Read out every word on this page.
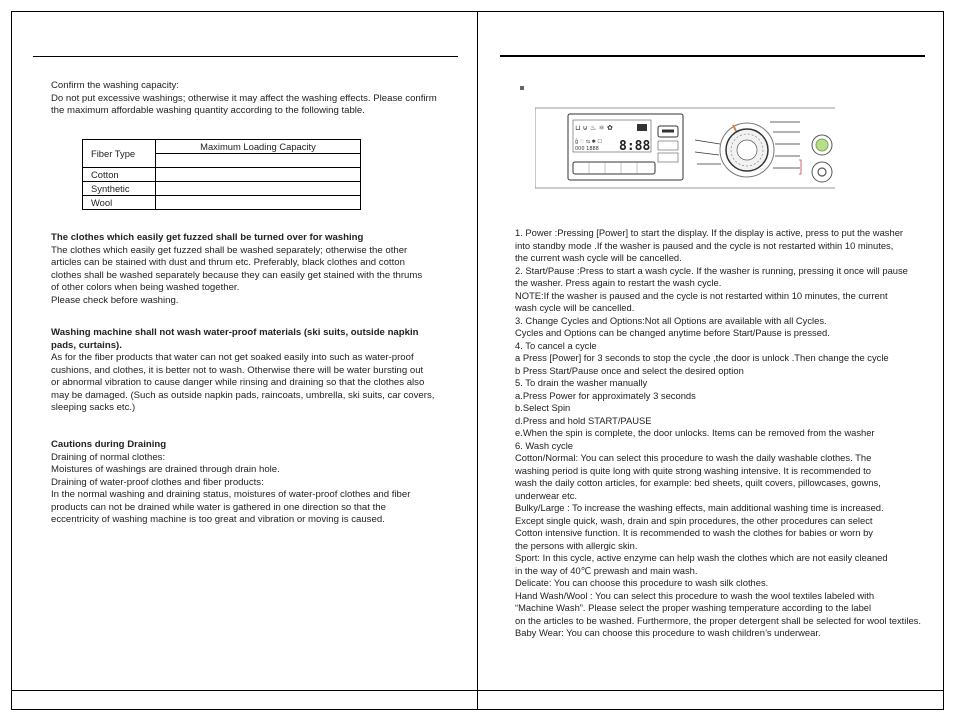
Confirm the washing capacity:

Do not put excessive washings; otherwise it may affect the washing effects. Please confirm

the maximum affordable washing quantity according to the following table.

Fiber Type	Maximum Loading Capacity

Cotton	
Synthetic	
Wool	

The clothes which easily get fuzzed shall be turned over for washing

The clothes which easily get fuzzed shall be washed separately; otherwise the other

articles can be stained with dust and thrum etc. Preferably, black clothes and cotton

clothes shall be washed separately because they can easily get stained with the thrums

of other colors when being washed together.

Please check before washing.

Washing machine shall not wash water-proof materials (ski suits, outside napkin

pads, curtains).

As for the fiber products that water can not get soaked easily into such as water-proof

cushions, and clothes, it is better not to wash. Otherwise there will be water bursting out

or abnormal vibration to cause danger while rinsing and draining so that the clothes also

may be damaged. (Such as outside napkin pads, raincoats, umbrella, ski suits, car covers,

sleeping sacks etc.)

Cautions during Draining

Draining of normal clothes:

Moistures of washings are drained through drain hole.

Draining of water-proof clothes and fiber products:

In the normal washing and draining status, moistures of water-proof clothes and fiber

products can not be drained while water is gathered in one direction so that the

eccentricity of washing machine is too great and vibration or moving is caused.

⊔ ⊍ ♨ ⚛ ✿
ĝ ♡ ⇆ ✱ ☐
000 1888 8:88

1. Power :Pressing [Power] to start the display. If the display is active, press to put the washer

into standby mode .If the washer is paused and the cycle is not restarted within 10 minutes,

the current wash cycle will be cancelled.

2. Start/Pause :Press to start a wash cycle. If the washer is running, pressing it once will pause

the washer. Press again to restart the wash cycle.

NOTE:If the washer is paused and the cycle is not restarted within 10 minutes, the current

wash cycle will be cancelled.

3. Change Cycles and Options:Not all Options are available with all Cycles.

Cycles and Options can be changed anytime before Start/Pause is pressed.

4. To cancel a cycle

a Press [Power] for 3 seconds to stop the cycle ,the door is unlock .Then change the cycle

b Press Start/Pause once and select the desired option

5. To drain the washer manually

a.Press Power for approximately 3 seconds

b.Select Spin

d.Press and hold START/PAUSE

e.When the spin is complete, the door unlocks. Items can be removed from the washer

6. Wash cycle

Cotton/Normal: You can select this procedure to wash the daily washable clothes. The

washing period is quite long with quite strong washing intensive. It is recommended to

wash the daily cotton articles, for example: bed sheets, quilt covers, pillowcases, gowns,

underwear etc.

Bulky/Large : To increase the washing effects, main additional washing time is increased.

Except single quick, wash, drain and spin procedures, the other procedures can select

Cotton intensive function. It is recommended to wash the clothes for babies or worn by

the persons with allergic skin.

Sport: In this cycle, active enzyme can help wash the clothes which are not easily cleaned

in the way of 40℃ prewash and main wash.

Delicate: You can choose this procedure to wash silk clothes.

Hand Wash/Wool : You can select this procedure to wash the wool textiles labeled with

“Machine Wash”. Please select the proper washing temperature according to the label

on the articles to be washed. Furthermore, the proper detergent shall be selected for wool textiles.

Baby Wear: You can choose this procedure to wash children’s underwear.
